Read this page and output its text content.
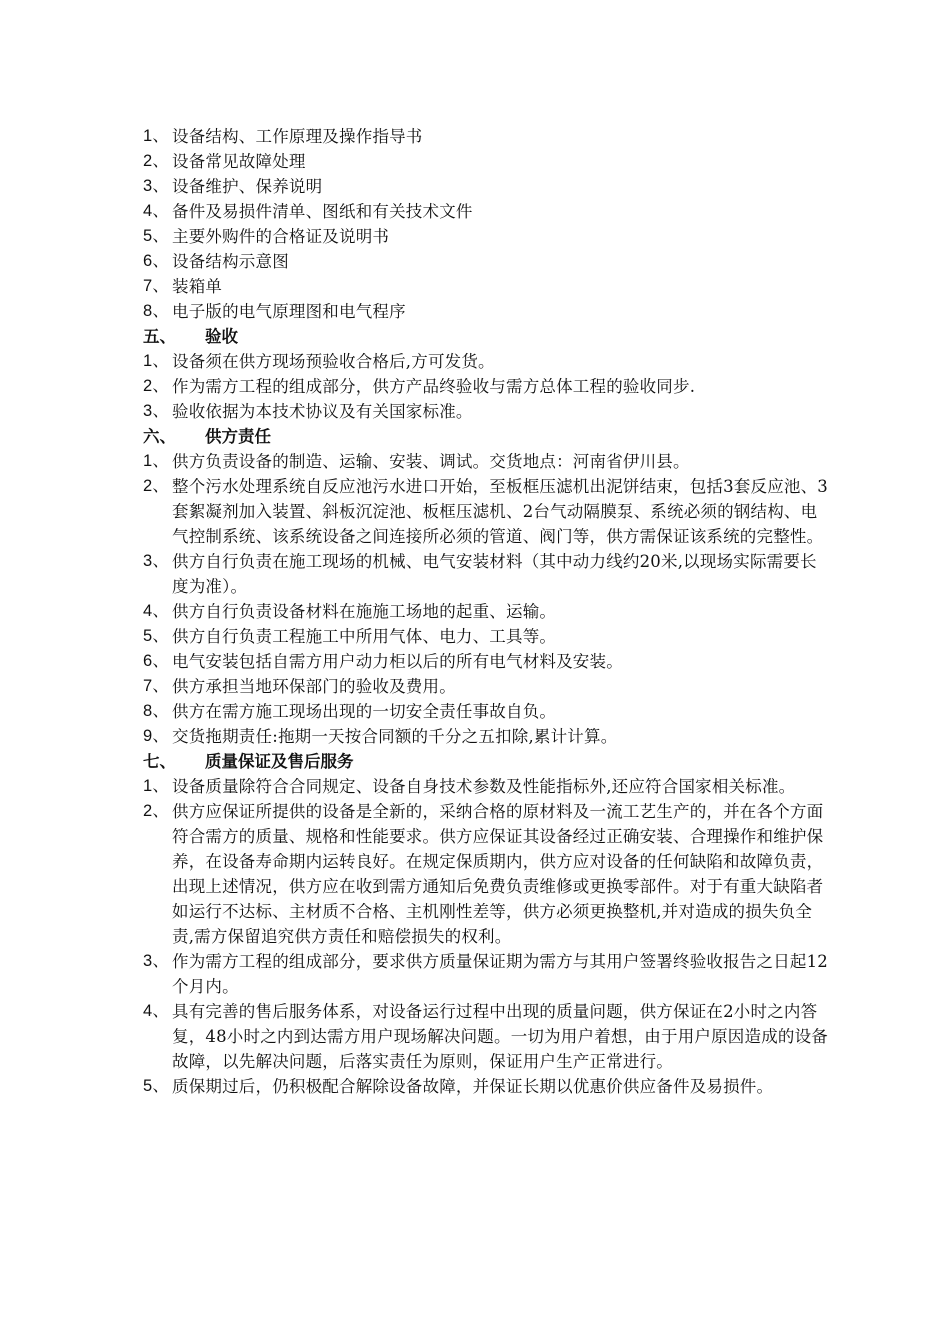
1、 设备结构、工作原理及操作指导书
2、 设备常见故障处理
3、 设备维护、保养说明
4、 备件及易损件清单、图纸和有关技术文件
5、 主要外购件的合格证及说明书
6、 设备结构示意图
7、 装箱单
8、 电子版的电气原理图和电气程序
五、 验收
1、 设备须在供方现场预验收合格后,方可发货。
2、 作为需方工程的组成部分，供方产品终验收与需方总体工程的验收同步.
3、 验收依据为本技术协议及有关国家标准。
六、 供方责任
1、 供方负责设备的制造、运输、安装、调试。交货地点：河南省伊川县。
2、 整个污水处理系统自反应池污水进口开始，至板框压滤机出泥饼结束，包括3套反应池、3套絮凝剂加入装置、斜板沉淀池、板框压滤机、2台气动隔膜泵、系统必须的钢结构、电气控制系统、该系统设备之间连接所必须的管道、阀门等，供方需保证该系统的完整性。
3、 供方自行负责在施工现场的机械、电气安装材料（其中动力线约20米,以现场实际需要长度为准）。
4、 供方自行负责设备材料在施施工场地的起重、运输。
5、 供方自行负责工程施工中所用气体、电力、工具等。
6、 电气安装包括自需方用户动力柜以后的所有电气材料及安装。
7、 供方承担当地环保部门的验收及费用。
8、 供方在需方施工现场出现的一切安全责任事故自负。
9、 交货拖期责任:拖期一天按合同额的千分之五扣除,累计计算。
七、 质量保证及售后服务
1、 设备质量除符合合同规定、设备自身技术参数及性能指标外,还应符合国家相关标准。
2、 供方应保证所提供的设备是全新的，采纳合格的原材料及一流工艺生产的，并在各个方面符合需方的质量、规格和性能要求。供方应保证其设备经过正确安装、合理操作和维护保养，在设备寿命期内运转良好。在规定保质期内，供方应对设备的任何缺陷和故障负责，出现上述情况，供方应在收到需方通知后免费负责维修或更换零部件。对于有重大缺陷者如运行不达标、主材质不合格、主机刚性差等，供方必须更换整机,并对造成的损失负全责,需方保留追究供方责任和赔偿损失的权利。
3、 作为需方工程的组成部分，要求供方质量保证期为需方与其用户签署终验收报告之日起12个月内。
4、 具有完善的售后服务体系，对设备运行过程中出现的质量问题，供方保证在2小时之内答复，48小时之内到达需方用户现场解决问题。一切为用户着想，由于用户原因造成的设备故障，以先解决问题，后落实责任为原则，保证用户生产正常进行。
5、 质保期过后，仍积极配合解除设备故障，并保证长期以优惠价供应备件及易损件。
